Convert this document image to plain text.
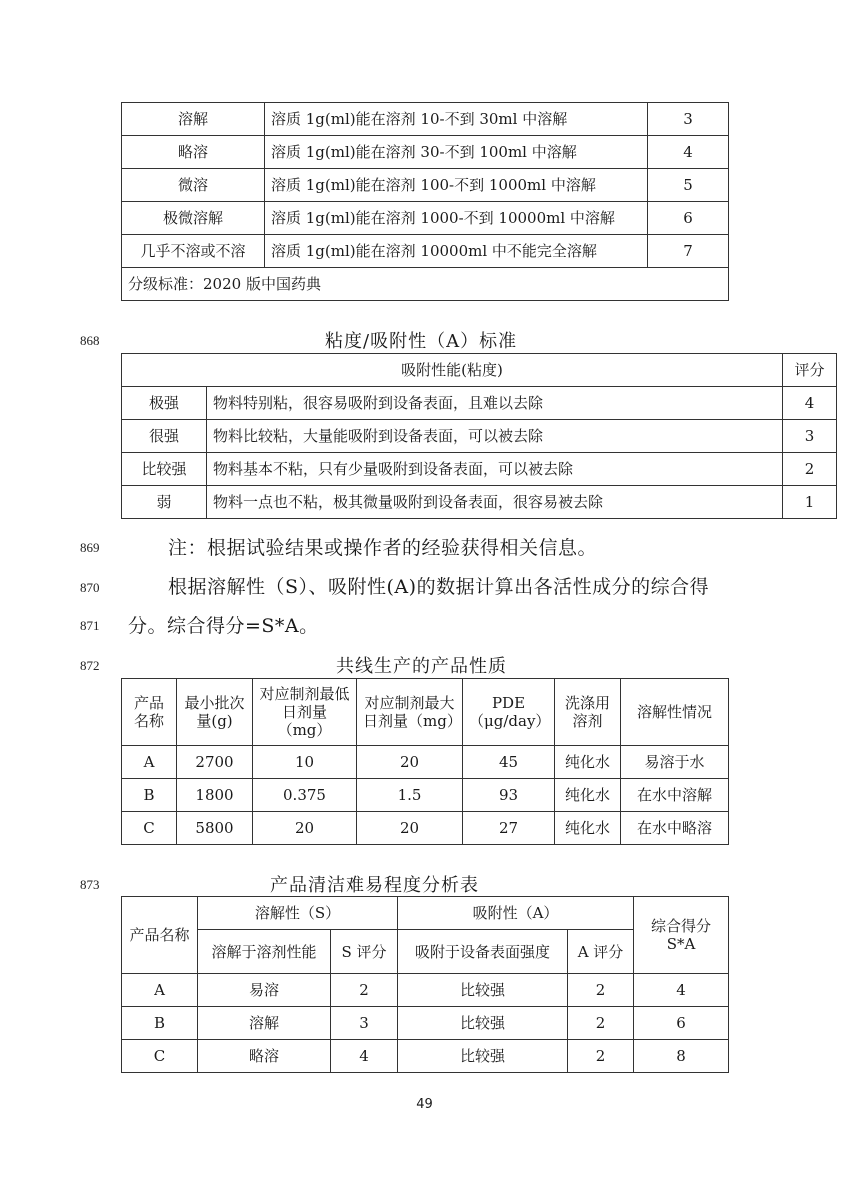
溶解	溶质 1g(ml)能在溶剂 10-不到 30ml 中溶解	3
略溶	溶质 1g(ml)能在溶剂 30-不到 100ml 中溶解	4
微溶	溶质 1g(ml)能在溶剂 100-不到 1000ml 中溶解	5
极微溶解	溶质 1g(ml)能在溶剂 1000-不到 10000ml 中溶解	6
几乎不溶或不溶	溶质 1g(ml)能在溶剂 10000ml 中不能完全溶解	7
分级标准：2020 版中国药典		
868	粘度/吸附性（A）标准
吸附性能(粘度)		评分
极强	物料特别粘，很容易吸附到设备表面，且难以去除	4
很强	物料比较粘，大量能吸附到设备表面，可以被去除	3
比较强	物料基本不粘，只有少量吸附到设备表面，可以被去除	2
弱	物料一点也不粘，极其微量吸附到设备表面，很容易被去除	1
869	注：根据试验结果或操作者的经验获得相关信息。
870	根据溶解性（S）、吸附性(A)的数据计算出各活性成分的综合得
871 分。综合得分=S*A。
872	共线生产的产品性质
产品名称	最小批次量(g)	对应制剂最低日剂量（mg）	对应制剂最大日剂量（mg）	PDE（μg/day）	洗涤用溶剂	溶解性情况
A	2700	10	20	45	纯化水	易溶于水
B	1800	0.375	1.5	93	纯化水	在水中溶解
C	5800	20	20	27	纯化水	在水中略溶
873	产品清洁难易程度分析表
产品名称	溶解性（S）		吸附性（A）		综合得分S*A
	溶解于溶剂性能	S 评分	吸附于设备表面强度	A 评分	
A	易溶	2	比较强	2	4
B	溶解	3	比较强	2	6
C	略溶	4	比较强	2	8
49
